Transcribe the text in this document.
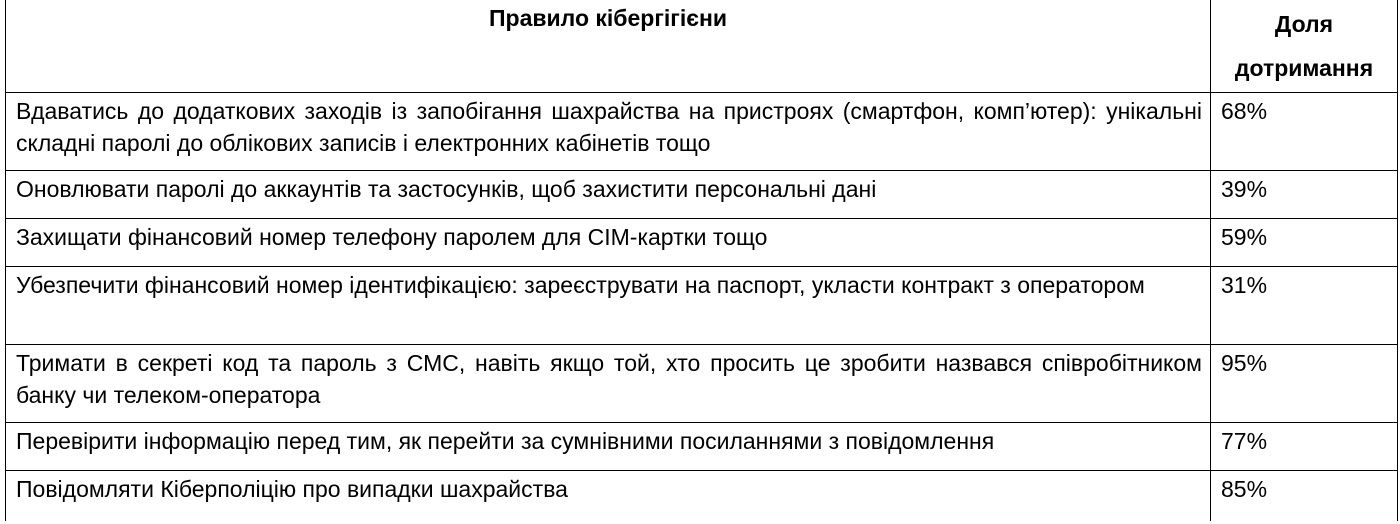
Правило кібергігієни	Доля
дотримання

Вдаватись до додаткових заходів із запобігання шахрайства на пристроях (смартфон, комп’ютер): унікальні складні паролі до облікових записів і електронних кабінетів тощо	68%
Оновлювати паролі до аккаунтів та застосунків, щоб захистити персональні дані	39%
Захищати фінансовий номер телефону паролем для СІМ-картки тощо	59%
Убезпечити фінансовий номер ідентифікацією: зареєструвати на паспорт, укласти контракт з оператором	31%
Тримати в секреті код та пароль з СМС, навіть якщо той, хто просить це зробити назвався співробітником банку чи телеком-оператора	95%
Перевірити інформацію перед тим, як перейти за сумнівними посиланнями з повідомлення	77%
Повідомляти Кіберполіцію про випадки шахрайства	85%
